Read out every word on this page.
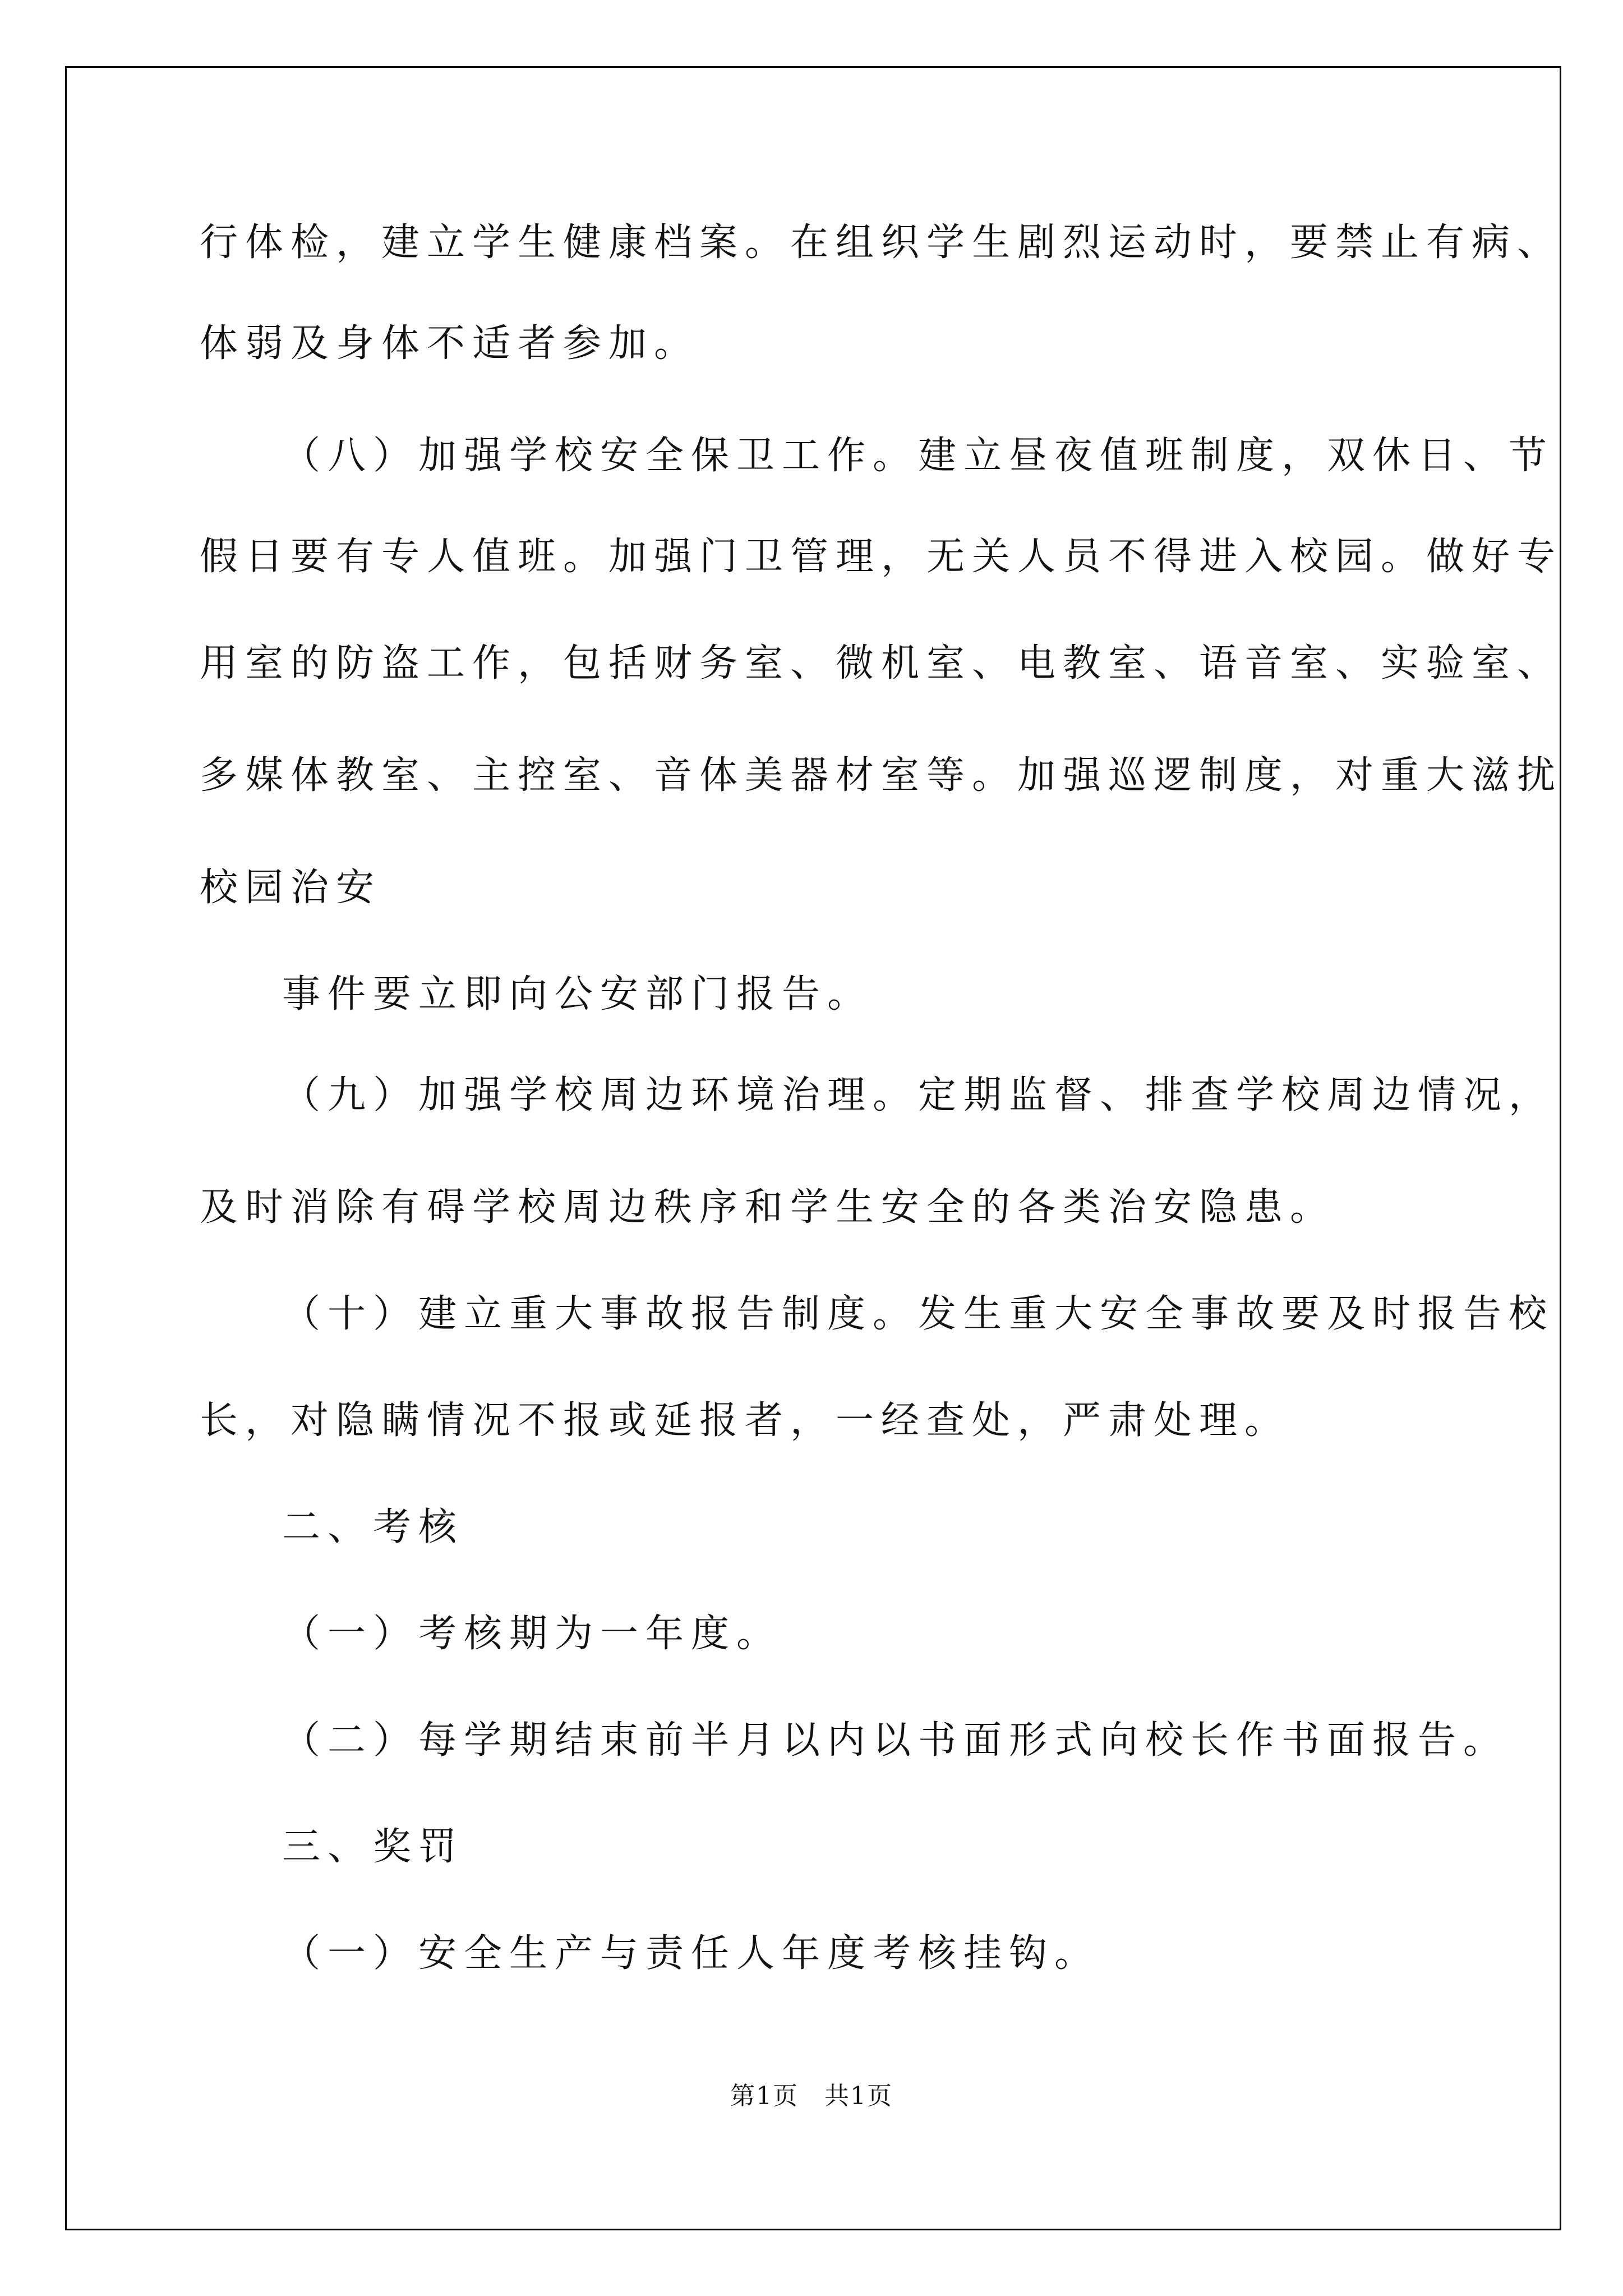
行体检，建立学生健康档案。在组织学生剧烈运动时，要禁止有病、
体弱及身体不适者参加。
（八）加强学校安全保卫工作。建立昼夜值班制度，双休日、节
假日要有专人值班。加强门卫管理，无关人员不得进入校园。做好专
用室的防盗工作，包括财务室、微机室、电教室、语音室、实验室、
多媒体教室、主控室、音体美器材室等。加强巡逻制度，对重大滋扰
校园治安
事件要立即向公安部门报告。
（九）加强学校周边环境治理。定期监督、排查学校周边情况，
及时消除有碍学校周边秩序和学生安全的各类治安隐患。
（十）建立重大事故报告制度。发生重大安全事故要及时报告校
长，对隐瞒情况不报或延报者，一经查处，严肃处理。
二、考核
（一）考核期为一年度。
（二）每学期结束前半月以内以书面形式向校长作书面报告。
三、奖罚
（一）安全生产与责任人年度考核挂钩。
第1页　共1页
